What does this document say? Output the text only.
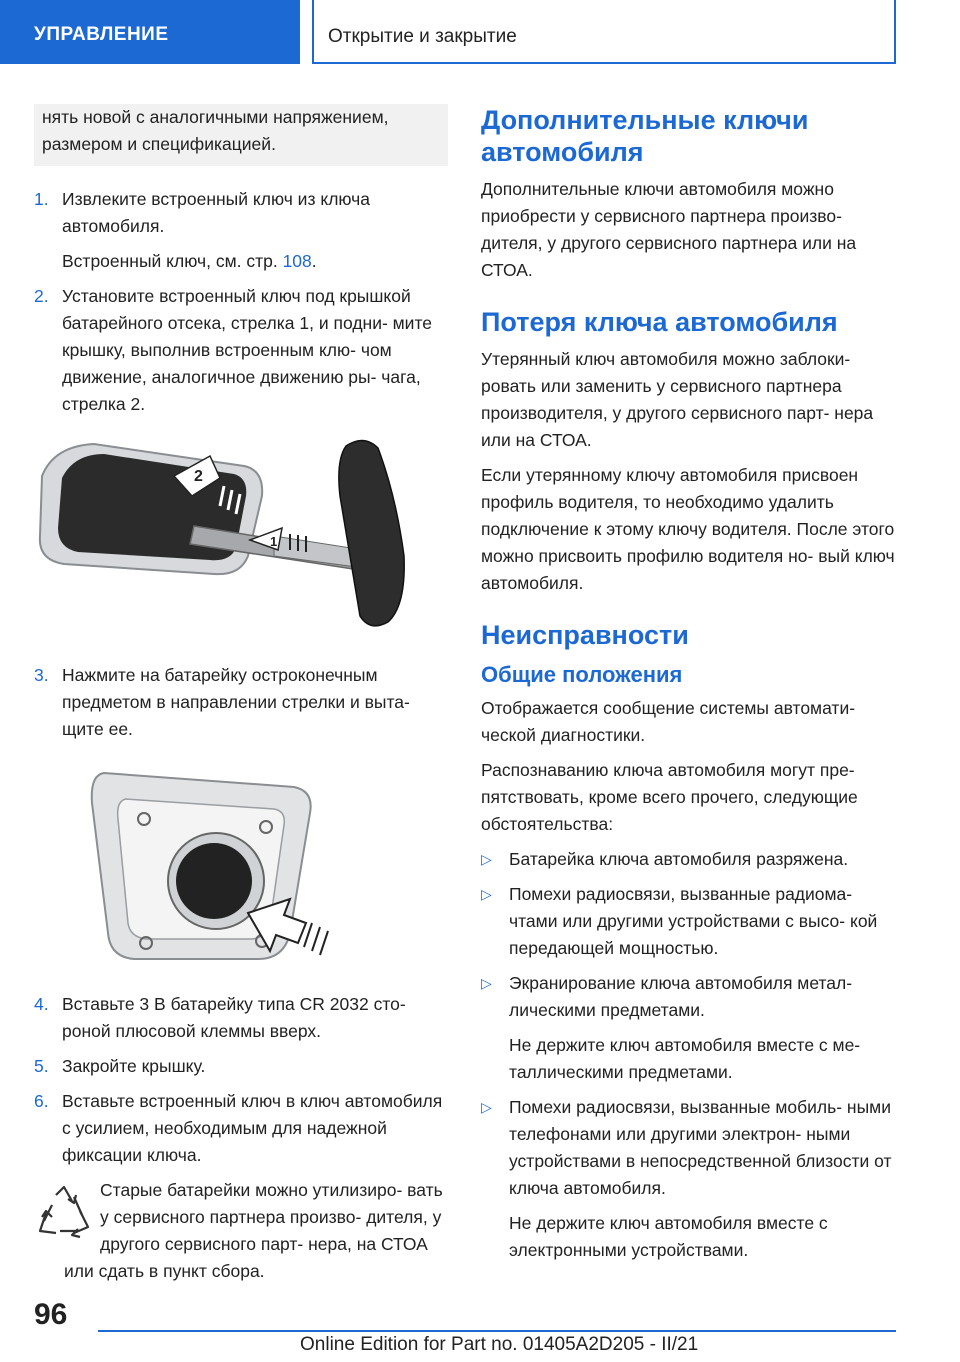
УПРАВЛЕНИЕ	Открытие и закрытие

нять новой с аналогичными напряжением, размером и спецификацией.

1. Извлеките встроенный ключ из ключа автомобиля.
Встроенный ключ, см. стр. 108.
2. Установите встроенный ключ под крышкой батарейного отсека, стрелка 1, и подни- мите крышку, выполнив встроенным клю- чом движение, аналогичное движению ры- чага, стрелка 2.
2
1
3. Нажмите на батарейку остроконечным предметом в направлении стрелки и выта- щите ее.
4. Вставьте 3 В батарейку типа CR 2032 сто- роной плюсовой клеммы вверх.
5. Закройте крышку.
6. Вставьте встроенный ключ в ключ автомобиля с усилием, необходимым для надежной фиксации ключа.

Старые батарейки можно утилизиро- вать у сервисного партнера произво- дителя, у другого сервисного парт- нера, на СТОА или сдать в пункт сбора.

Дополнительные ключи автомобиля

Дополнительные ключи автомобиля можно приобрести у сервисного партнера произво- дителя, у другого сервисного партнера или на СТОА.

Потеря ключа автомобиля

Утерянный ключ автомобиля можно заблоки- ровать или заменить у сервисного партнера производителя, у другого сервисного парт- нера или на СТОА.

Если утерянному ключу автомобиля присвоен профиль водителя, то необходимо удалить подключение к этому ключу водителя. После этого можно присвоить профилю водителя но- вый ключ автомобиля.

Неисправности
Общие положения

Отображается сообщение системы автомати- ческой диагностики.

Распознаванию ключа автомобиля могут пре- пятствовать, кроме всего прочего, следующие обстоятельства:

▷ Батарейка ключа автомобиля разряжена.
▷ Помехи радиосвязи, вызванные радиома- чтами или другими устройствами с высо- кой передающей мощностью.
▷ Экранирование ключа автомобиля метал- лическими предметами.
Не держите ключ автомобиля вместе с ме- таллическими предметами.
▷ Помехи радиосвязи, вызванные мобиль- ными телефонами или другими электрон- ными устройствами в непосредственной близости от ключа автомобиля.
Не держите ключ автомобиля вместе с электронными устройствами.
96
Online Edition for Part no. 01405A2D205 - II/21
